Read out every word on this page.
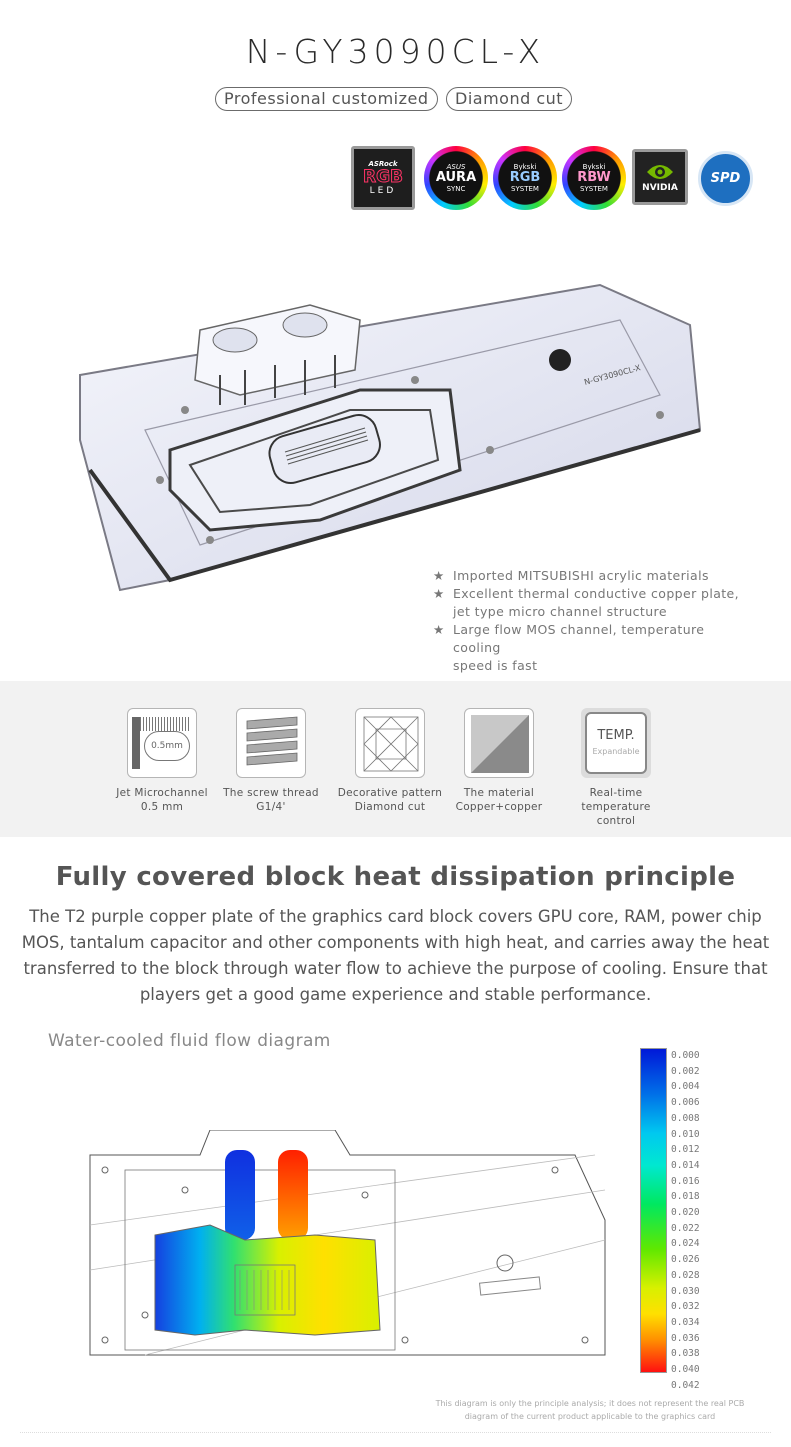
N-GY3090CL-X
Professional customized	Diamond cut
ASRock
RGB
LED
ASUS
AURA
SYNC
Bykski
RGB
SYSTEM
Bykski
RBW
SYSTEM	NVIDIA
SPD
N-GY3090CL-X
★ Imported MITSUBISHI acrylic materials
★ Excellent thermal conductive copper plate,
jet type micro channel structure
★ Large flow MOS channel, temperature cooling
speed is fast
0.5mm
Jet Microchannel
0.5 mm
The screw thread
G1/4'
Decorative pattern
Diamond cut
The material
Copper+copper
TEMP.
Expandable
Real-time
temperature control
Fully covered block heat dissipation principle
The T2 purple copper plate of the graphics card block covers GPU core, RAM, power chip MOS, tantalum capacitor and other components with high heat, and carries away the heat transferred to the block through water flow to achieve the purpose of cooling. Ensure that players get a good game experience and stable performance.
Water-cooled fluid flow diagram
0.000
0.002
0.004
0.006
0.008
0.010
0.012
0.014
0.016
0.018
0.020
0.022
0.024
0.026
0.028
0.030
0.032
0.034
0.036
0.038
0.040
0.042
This diagram is only the principle analysis; it does not represent the real PCB
diagram of the current product applicable to the graphics card
